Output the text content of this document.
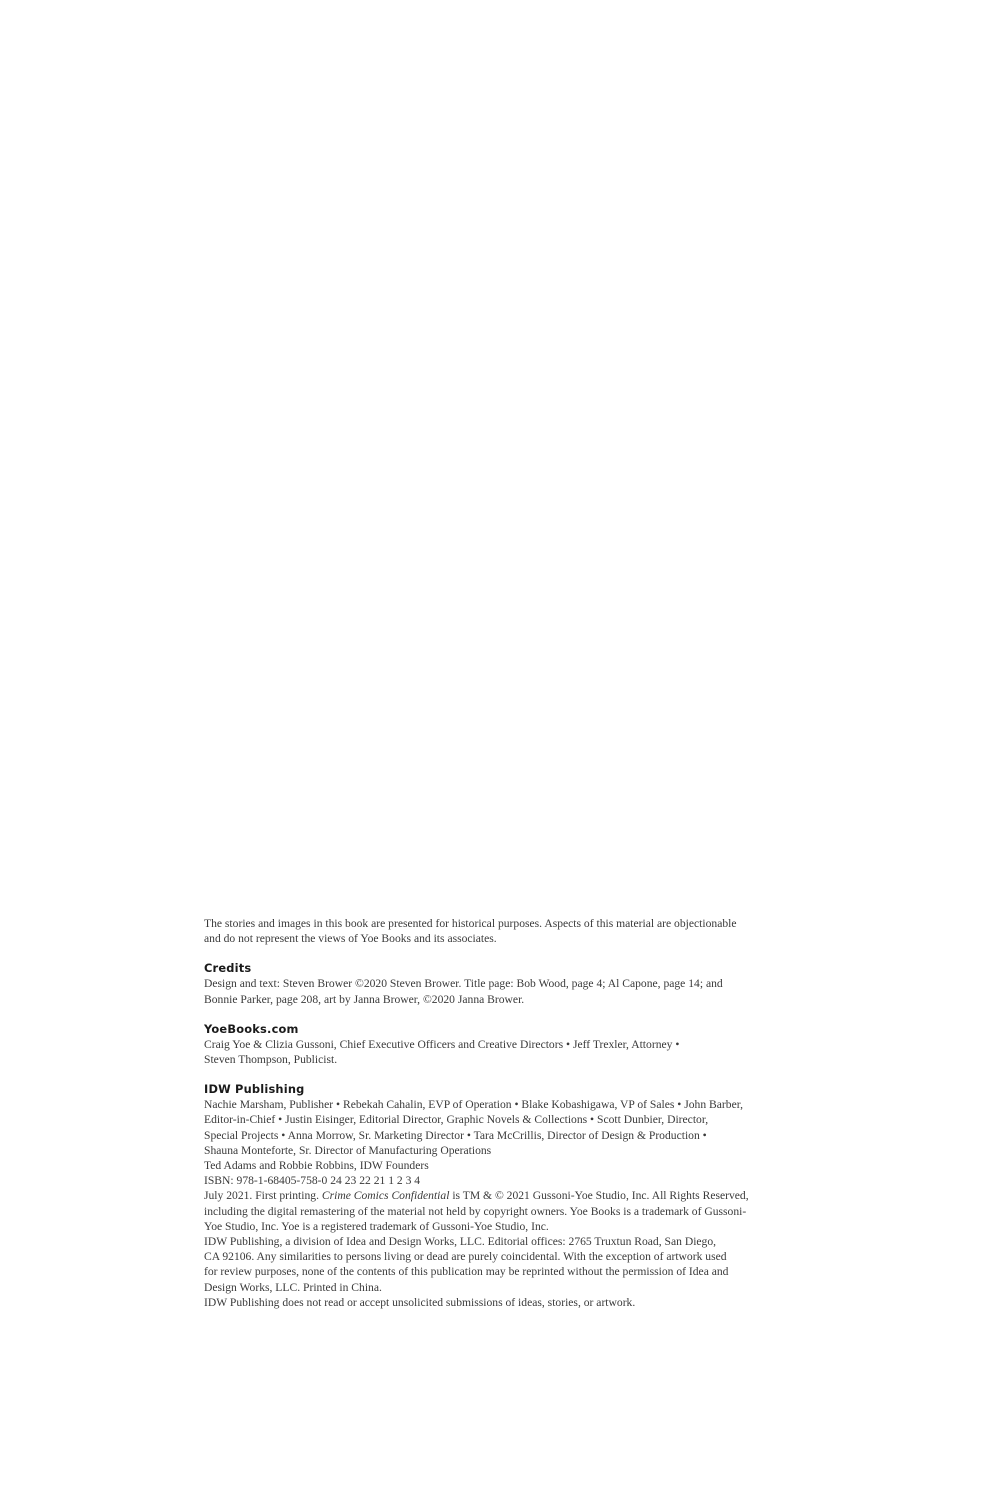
The stories and images in this book are presented for historical purposes. Aspects of this material are objectionable
and do not represent the views of Yoe Books and its associates.

Credits

Design and text: Steven Brower ©2020 Steven Brower. Title page: Bob Wood, page 4; Al Capone, page 14; and
Bonnie Parker, page 208, art by Janna Brower, ©2020 Janna Brower.

YoeBooks.com

Craig Yoe & Clizia Gussoni, Chief Executive Officers and Creative Directors • Jeff Trexler, Attorney •
Steven Thompson, Publicist.

IDW Publishing

Nachie Marsham, Publisher • Rebekah Cahalin, EVP of Operation • Blake Kobashigawa, VP of Sales • John Barber,
Editor-in-Chief • Justin Eisinger, Editorial Director, Graphic Novels & Collections • Scott Dunbier, Director,
Special Projects • Anna Morrow, Sr. Marketing Director • Tara McCrillis, Director of Design & Production •
Shauna Monteforte, Sr. Director of Manufacturing Operations

Ted Adams and Robbie Robbins, IDW Founders

ISBN: 978-1-68405-758-0 24 23 22 21 1 2 3 4

July 2021. First printing. Crime Comics Confidential is TM & © 2021 Gussoni-Yoe Studio, Inc. All Rights Reserved,
including the digital remastering of the material not held by copyright owners. Yoe Books is a trademark of Gussoni-
Yoe Studio, Inc. Yoe is a registered trademark of Gussoni-Yoe Studio, Inc.
IDW Publishing, a division of Idea and Design Works, LLC. Editorial offices: 2765 Truxtun Road, San Diego,
CA 92106. Any similarities to persons living or dead are purely coincidental. With the exception of artwork used
for review purposes, none of the contents of this publication may be reprinted without the permission of Idea and
Design Works, LLC. Printed in China.
IDW Publishing does not read or accept unsolicited submissions of ideas, stories, or artwork.
